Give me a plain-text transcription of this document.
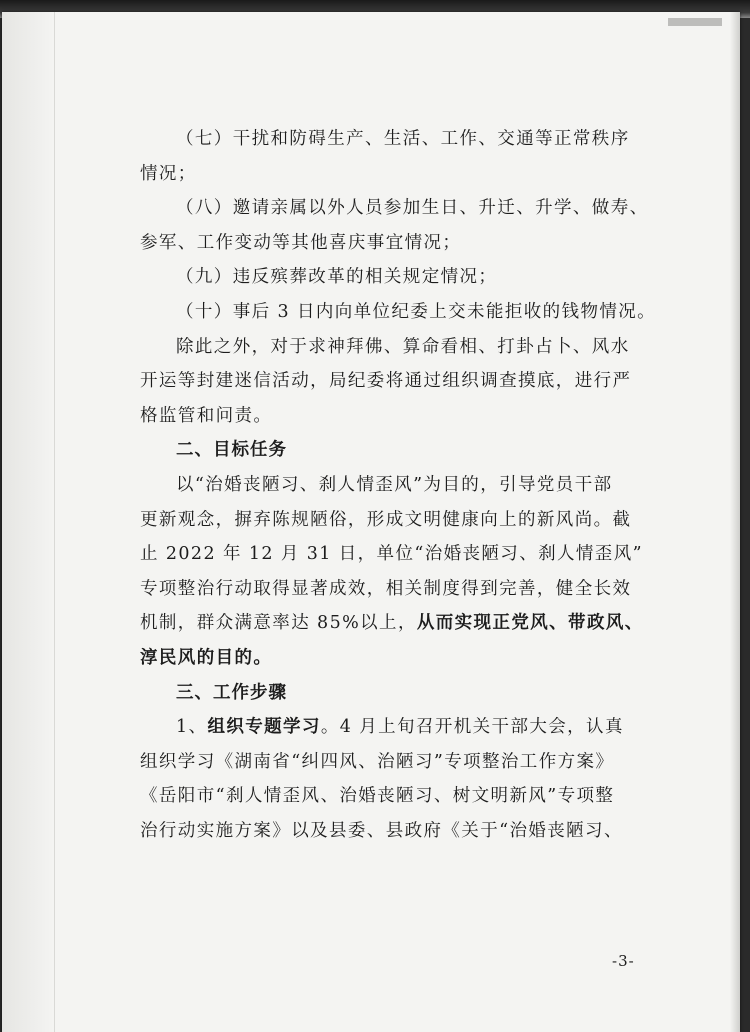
（七）干扰和防碍生产、生活、工作、交通等正常秩序
情况；
（八）邀请亲属以外人员参加生日、升迁、升学、做寿、
参军、工作变动等其他喜庆事宜情况；
（九）违反殡葬改革的相关规定情况；
（十）事后 3 日内向单位纪委上交未能拒收的钱物情况。
除此之外，对于求神拜佛、算命看相、打卦占卜、风水
开运等封建迷信活动，局纪委将通过组织调查摸底，进行严
格监管和问责。
二、目标任务
以“治婚丧陋习、刹人情歪风”为目的，引导党员干部
更新观念，摒弃陈规陋俗，形成文明健康向上的新风尚。截
止 2022 年 12 月 31 日，单位“治婚丧陋习、刹人情歪风”
专项整治行动取得显著成效，相关制度得到完善，健全长效
机制，群众满意率达 85%以上，从而实现正党风、带政风、
淳民风的目的。
三、工作步骤
1、组织专题学习。4 月上旬召开机关干部大会，认真
组织学习《湖南省“纠四风、治陋习”专项整治工作方案》
《岳阳市“刹人情歪风、治婚丧陋习、树文明新风”专项整
治行动实施方案》以及县委、县政府《关于“治婚丧陋习、
-3-
